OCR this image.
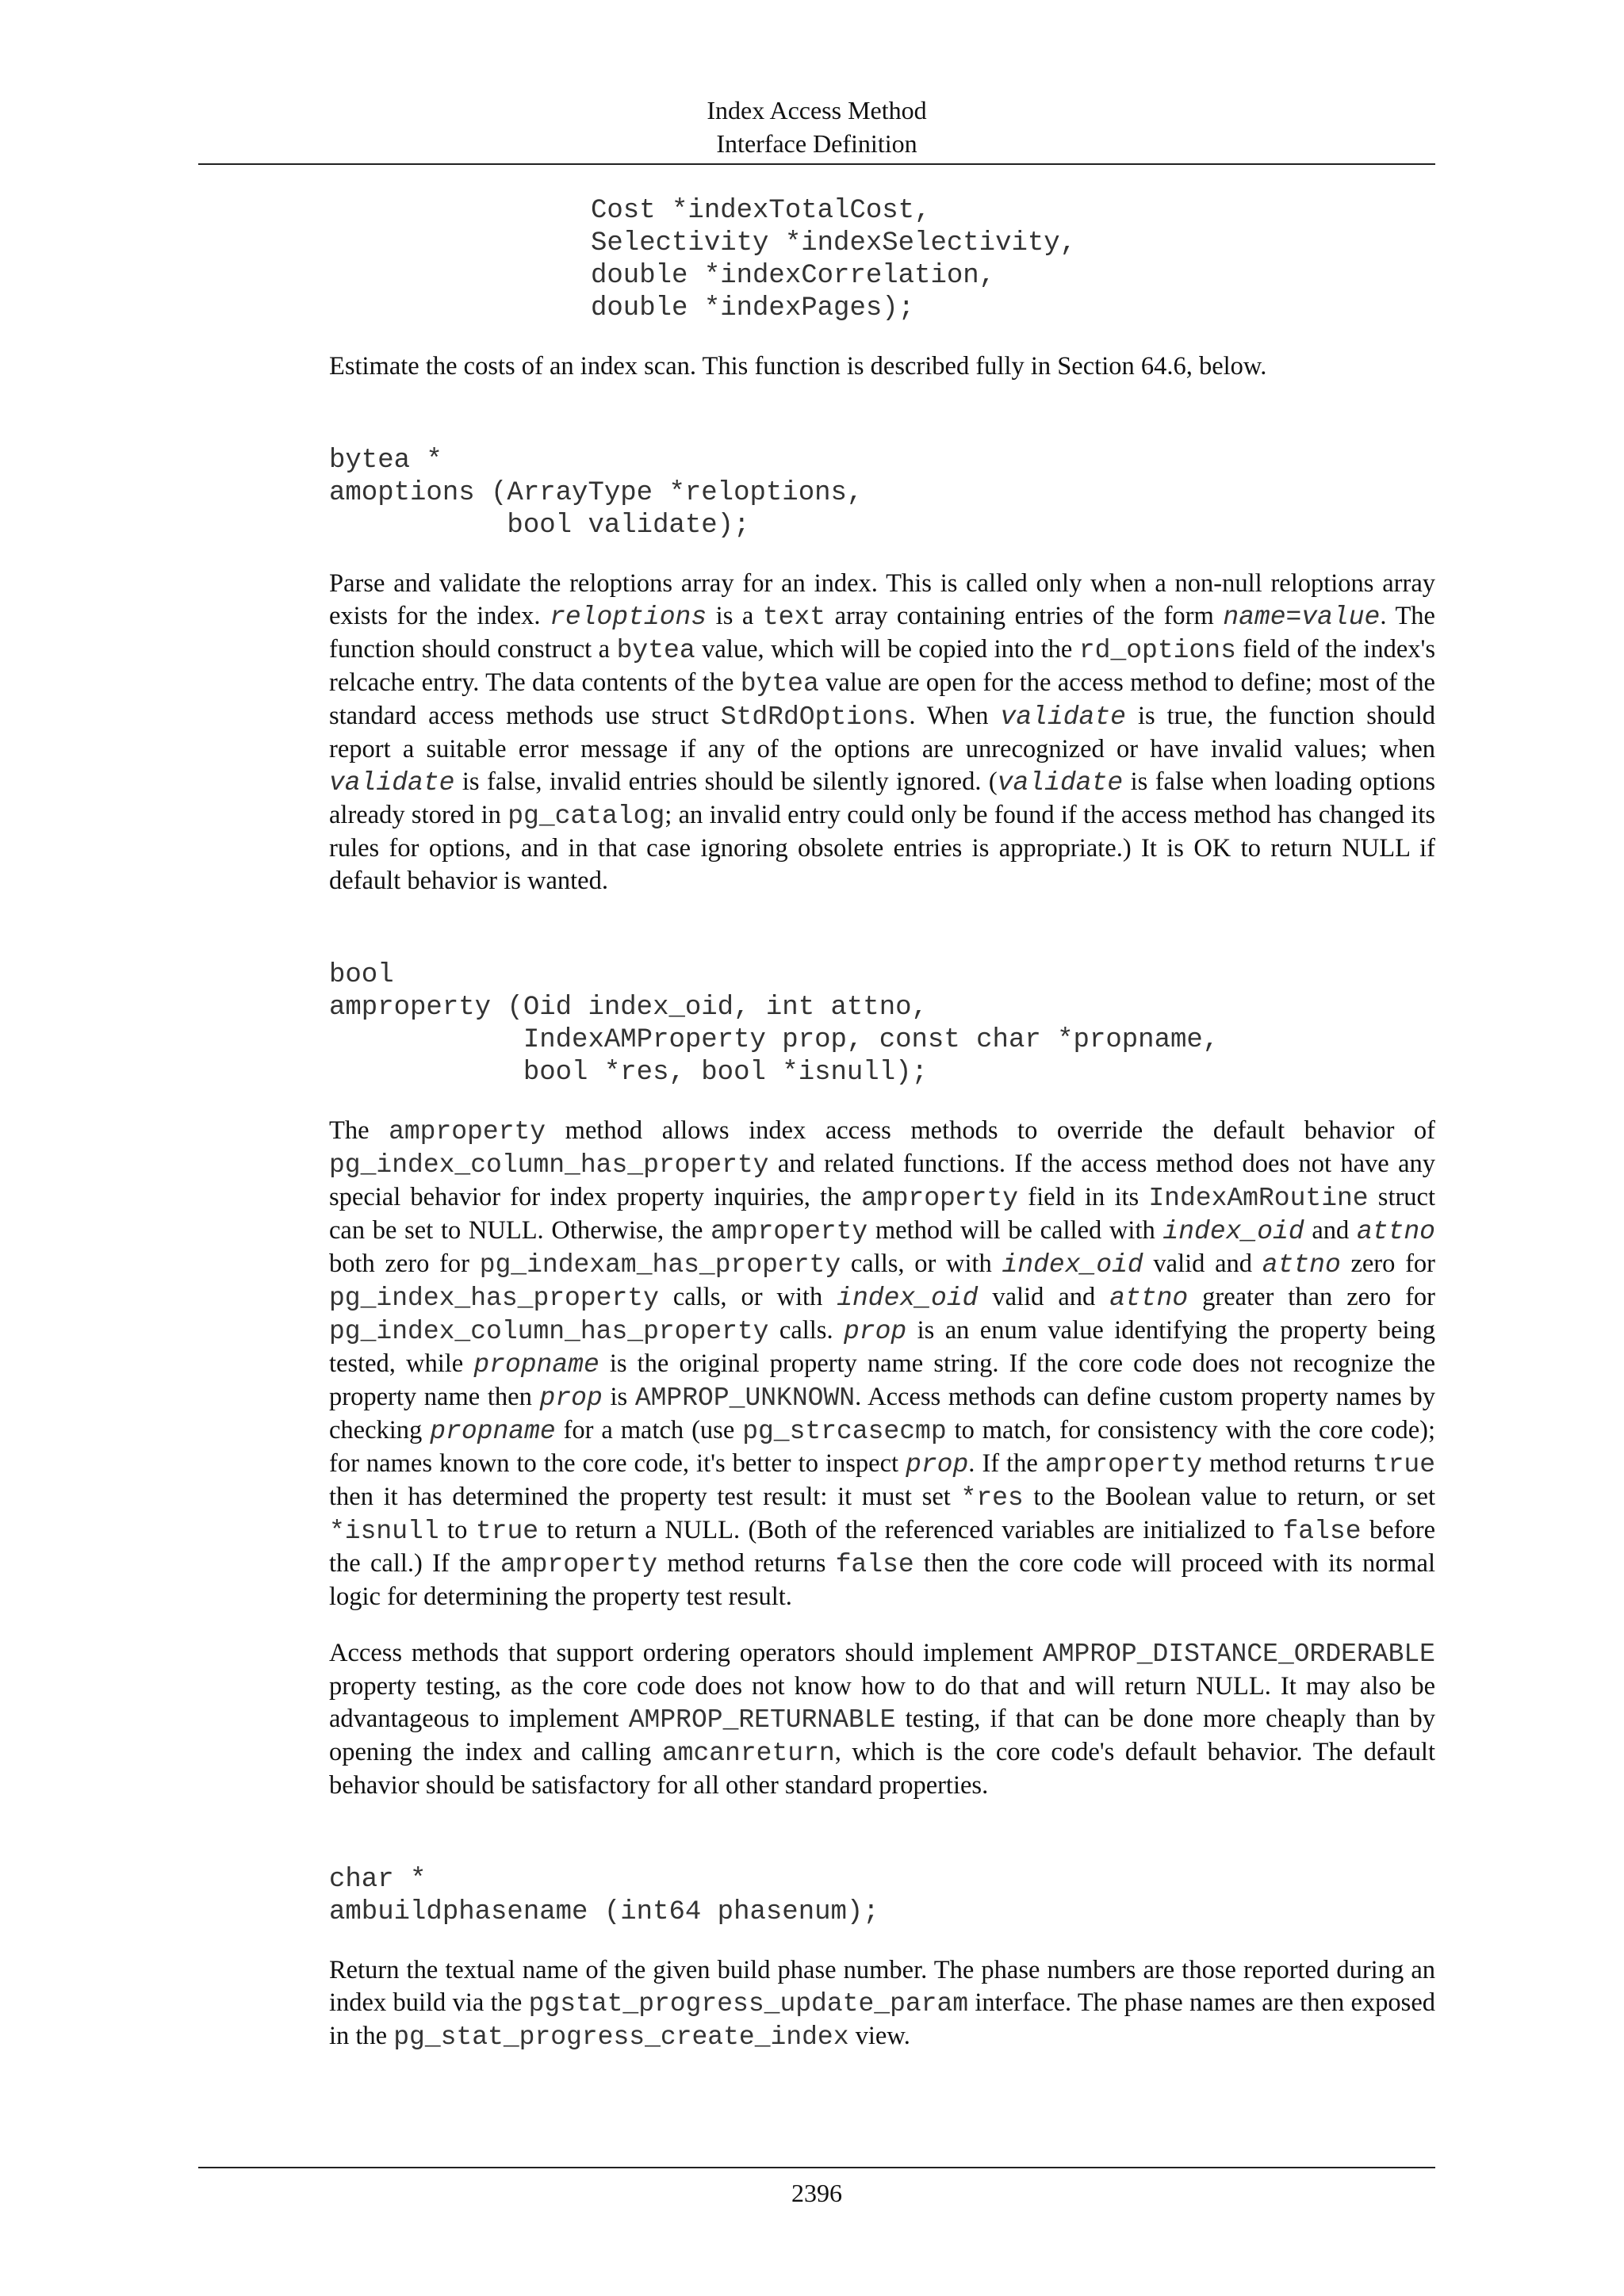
Index Access Method
Interface Definition
Cost *indexTotalCost,
Selectivity *indexSelectivity,
double *indexCorrelation,
double *indexPages);

Estimate the costs of an index scan. This function is described fully in Section 64.6, below.

bytea *
amoptions (ArrayType *reloptions,
bool validate);

Parse and validate the reloptions array for an index. This is called only when a non-null reloptions array exists for the index. reloptions is a text array containing entries of the form name=value. The function should construct a bytea value, which will be copied into the rd_options field of the index's relcache entry. The data contents of the bytea value are open for the access method to define; most of the standard access methods use struct StdRdOptions. When validate is true, the function should report a suitable error message if any of the options are unrecognized or have invalid values; when validate is false, invalid entries should be silently ignored. (validate is false when loading options already stored in pg_catalog; an invalid entry could only be found if the access method has changed its rules for options, and in that case ignoring obsolete entries is appropriate.) It is OK to return NULL if default behavior is wanted.

bool
amproperty (Oid index_oid, int attno,
IndexAMProperty prop, const char *propname,
bool *res, bool *isnull);

The amproperty method allows index access methods to override the default behavior of pg_index_column_has_property and related functions. If the access method does not have any special behavior for index property inquiries, the amproperty field in its IndexAmRoutine struct can be set to NULL. Otherwise, the amproperty method will be called with index_oid and attno both zero for pg_indexam_has_property calls, or with index_oid valid and attno zero for pg_index_has_property calls, or with index_oid valid and attno greater than zero for pg_index_column_has_property calls. prop is an enum value identifying the property being tested, while propname is the original property name string. If the core code does not recognize the property name then prop is AMPROP_UNKNOWN. Access methods can define custom property names by checking propname for a match (use pg_strcasecmp to match, for consistency with the core code); for names known to the core code, it's better to inspect prop. If the amproperty method returns true then it has determined the property test result: it must set *res to the Boolean value to return, or set *isnull to true to return a NULL. (Both of the referenced variables are initialized to false before the call.) If the amproperty method returns false then the core code will proceed with its normal logic for determining the property test result.

Access methods that support ordering operators should implement AMPROP_DISTANCE_ORDERABLE property testing, as the core code does not know how to do that and will return NULL. It may also be advantageous to implement AMPROP_RETURNABLE testing, if that can be done more cheaply than by opening the index and calling amcanreturn, which is the core code's default behavior. The default behavior should be satisfactory for all other standard properties.

char *
ambuildphasename (int64 phasenum);

Return the textual name of the given build phase number. The phase numbers are those reported during an index build via the pgstat_progress_update_param interface. The phase names are then exposed in the pg_stat_progress_create_index view.

2396
